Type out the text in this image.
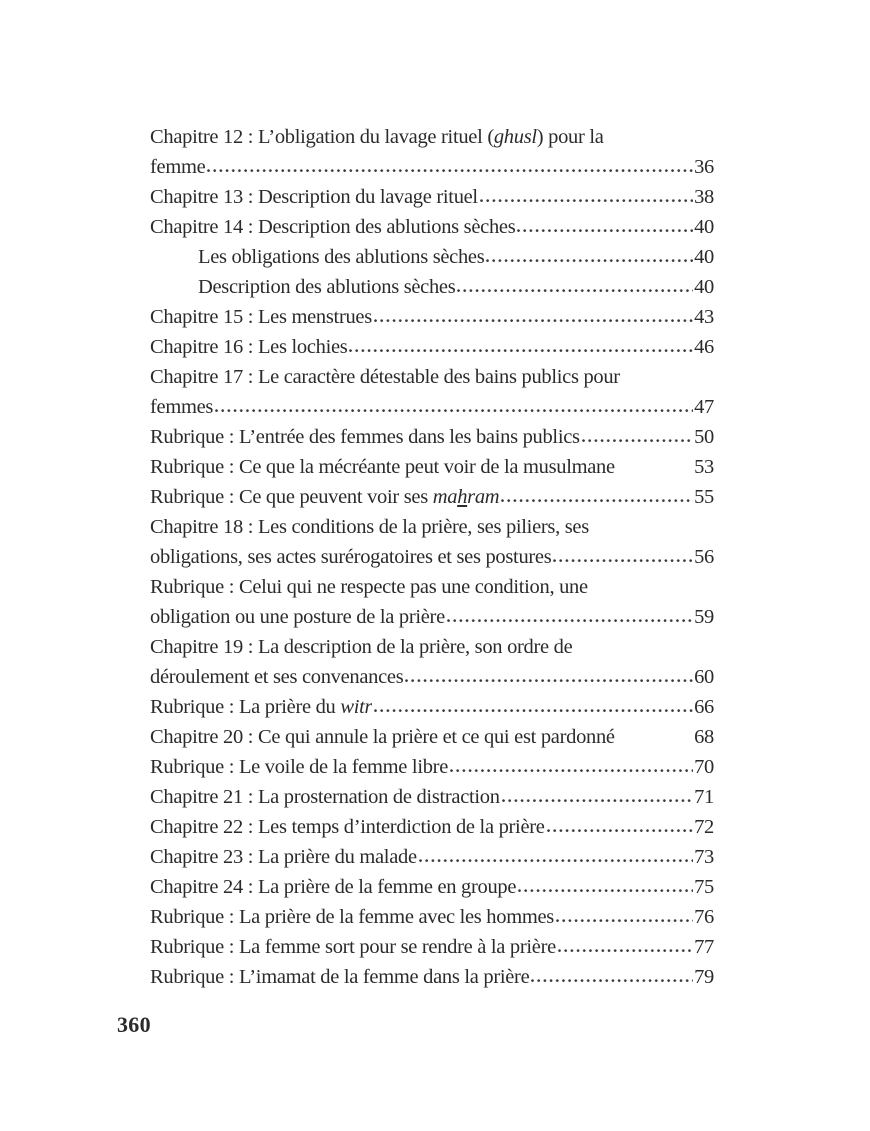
Chapitre 12 : L’obligation du lavage rituel (ghusl) pour la
femme	36
Chapitre 13 : Description du lavage rituel	38
Chapitre 14 : Description des ablutions sèches	40
Les obligations des ablutions sèches	40
Description des ablutions sèches	40
Chapitre 15 : Les menstrues	43
Chapitre 16 : Les lochies	46
Chapitre 17 : Le caractère détestable des bains publics pour
femmes	47
Rubrique : L’entrée des femmes dans les bains publics	50
Rubrique : Ce que la mécréante peut voir de la musulmane	53
Rubrique : Ce que peuvent voir ses mahram	55
Chapitre 18 : Les conditions de la prière, ses piliers, ses
obligations, ses actes surérogatoires et ses postures	56
Rubrique : Celui qui ne respecte pas une condition, une
obligation ou une posture de la prière	59
Chapitre 19 : La description de la prière, son ordre de
déroulement et ses convenances	60
Rubrique : La prière du witr	66
Chapitre 20 : Ce qui annule la prière et ce qui est pardonné	68
Rubrique : Le voile de la femme libre	70
Chapitre 21 : La prosternation de distraction	71
Chapitre 22 : Les temps d’interdiction de la prière	72
Chapitre 23 : La prière du malade	73
Chapitre 24 : La prière de la femme en groupe	75
Rubrique : La prière de la femme avec les hommes	76
Rubrique : La femme sort pour se rendre à la prière	77
Rubrique : L’imamat de la femme dans la prière	79
360
